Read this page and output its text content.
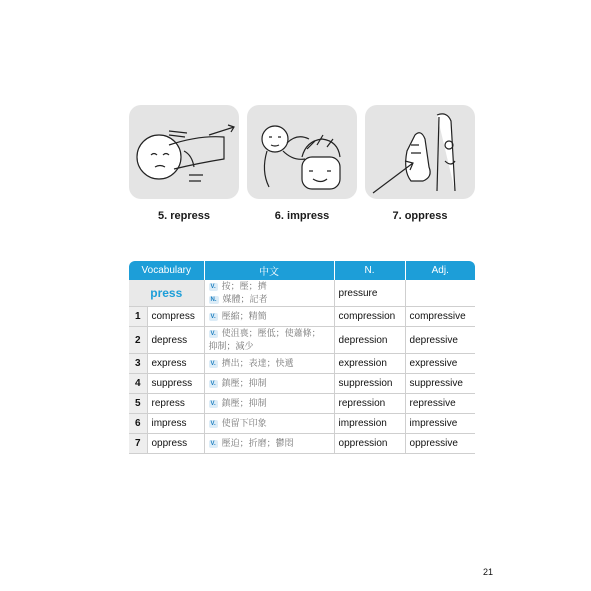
5. repress	6. impress	7. oppress
Vocabulary		中文	N.	Adj.
press		V. 按；壓；擠
N. 媒體；記者	pressure	
1	compress	V. 壓縮；精簡	compression	compressive
2	depress	V. 使沮喪；壓低；使蕭條；抑制；減少	depression	depressive
3	express	V. 擠出；表達；快遞	expression	expressive
4	suppress	V. 鎮壓；抑制	suppression	suppressive
5	repress	V. 鎮壓；抑制	repression	repressive
6	impress	V. 使留下印象	impression	impressive
7	oppress	V. 壓迫；折磨；鬱悶	oppression	oppressive
21
